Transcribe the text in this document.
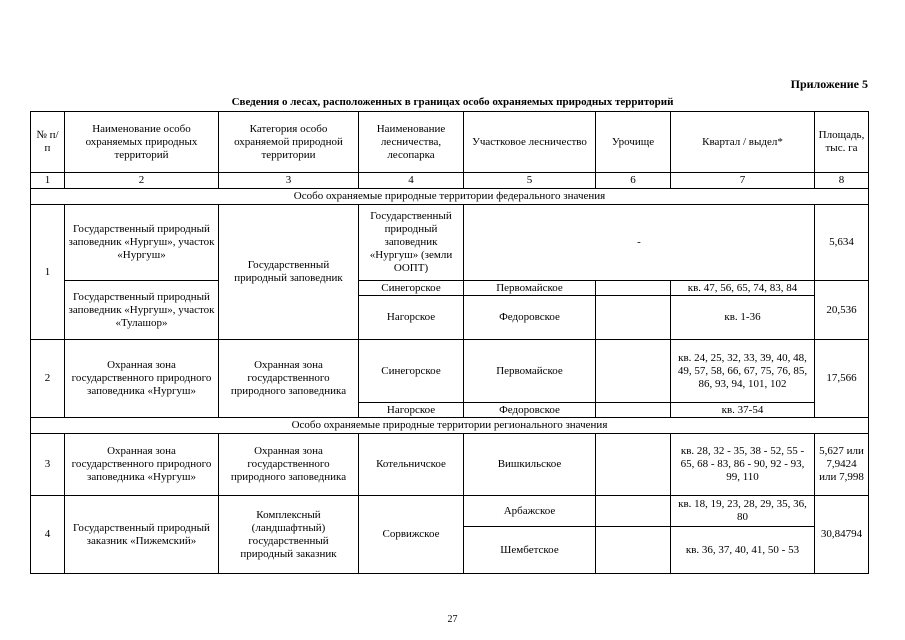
Приложение 5
Сведения о лесах, расположенных в границах особо охраняемых природных территорий
№ п/п	Наименование особо охраняемых природных территорий	Категория особо охраняемой природной территории	Наименование лесничества, лесопарка	Участковое лесничество	Урочище	Квартал / выдел*	Площадь, тыс. га
1	2	3	4	5	6	7	8
Особо охраняемые природные территории федерального значения							
1	Государственный природный заповедник «Нургуш», участок «Нургуш»	Государственный природный заповедник	Государственный природный заповедник «Нургуш» (земли ООПТ)	-			5,634
	Государственный природный заповедник «Нургуш», участок «Тулашор»		Синегорское	Первомайское		кв. 47, 56, 65, 74, 83, 84	20,536
			Нагорское	Федоровское		кв. 1-36	
2	Охранная зона государственного природного заповедника «Нургуш»	Охранная зона государственного природного заповедника	Синегорское	Первомайское		кв. 24, 25, 32, 33, 39, 40, 48, 49, 57, 58, 66, 67, 75, 76, 85, 86, 93, 94, 101, 102	17,566
			Нагорское	Федоровское		кв. 37-54	
Особо охраняемые природные территории регионального значения							
3	Охранная зона государственного природного заповедника «Нургуш»	Охранная зона государственного природного заповедника	Котельничское	Вишкильское		кв. 28, 32 - 35, 38 - 52, 55 - 65, 68 - 83, 86 - 90, 92 - 93, 99, 110	5,627 или 7,9424 или 7,998
4	Государственный природный заказник «Пижемский»	Комплексный (ландшафтный) государственный природный заказник	Сорвижское	Арбажское		кв. 18, 19, 23, 28, 29, 35, 36, 80	30,84794
				Шембетское		кв. 36, 37, 40, 41, 50 - 53	
27
